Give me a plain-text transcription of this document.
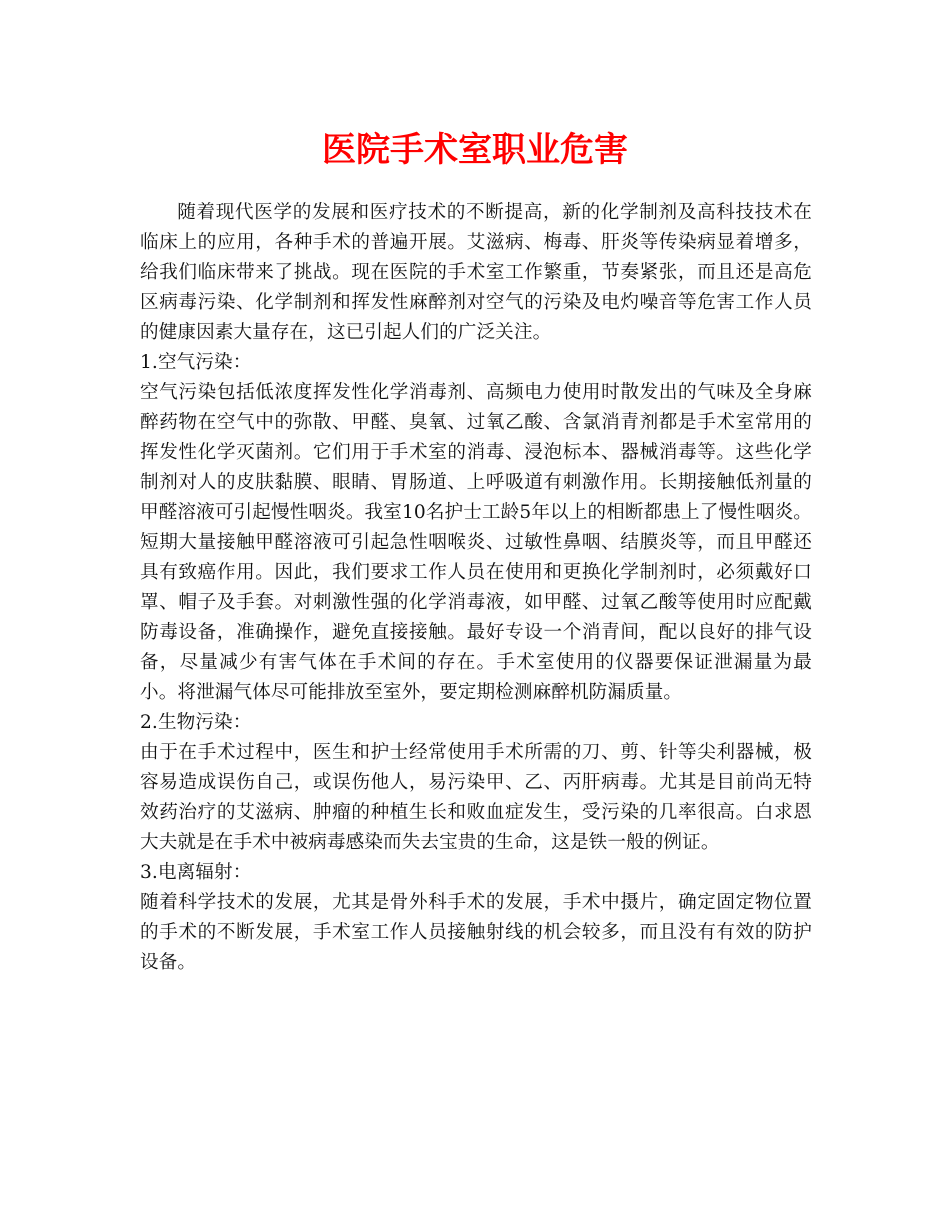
医院手术室职业危害

随着现代医学的发展和医疗技术的不断提高，新的化学制剂及高科技技术在临床上的应用，各种手术的普遍开展。艾滋病、梅毒、肝炎等传染病显着增多，给我们临床带来了挑战。现在医院的手术室工作繁重，节奏紧张，而且还是高危区病毒污染、化学制剂和挥发性麻醉剂对空气的污染及电灼噪音等危害工作人员的健康因素大量存在，这已引起人们的广泛关注。

1.空气污染：

空气污染包括低浓度挥发性化学消毒剂、高频电力使用时散发出的气味及全身麻醉药物在空气中的弥散、甲醛、臭氧、过氧乙酸、含氯消青剂都是手术室常用的挥发性化学灭菌剂。它们用于手术室的消毒、浸泡标本、器械消毒等。这些化学制剂对人的皮肤黏膜、眼睛、胃肠道、上呼吸道有刺激作用。长期接触低剂量的甲醛溶液可引起慢性咽炎。我室10名护士工龄5年以上的相断都患上了慢性咽炎。短期大量接触甲醛溶液可引起急性咽喉炎、过敏性鼻咽、结膜炎等，而且甲醛还具有致癌作用。因此，我们要求工作人员在使用和更换化学制剂时，必须戴好口罩、帽子及手套。对刺激性强的化学消毒液，如甲醛、过氧乙酸等使用时应配戴防毒设备，准确操作，避免直接接触。最好专设一个消青间，配以良好的排气设备，尽量减少有害气体在手术间的存在。手术室使用的仪器要保证泄漏量为最小。将泄漏气体尽可能排放至室外，要定期检测麻醉机防漏质量。

2.生物污染：

由于在手术过程中，医生和护士经常使用手术所需的刀、剪、针等尖利器械，极容易造成误伤自己，或误伤他人，易污染甲、乙、丙肝病毒。尤其是目前尚无特效药治疗的艾滋病、肿瘤的种植生长和败血症发生，受污染的几率很高。白求恩大夫就是在手术中被病毒感染而失去宝贵的生命，这是铁一般的例证。

3.电离辐射：

随着科学技术的发展，尤其是骨外科手术的发展，手术中摄片，确定固定物位置的手术的不断发展，手术室工作人员接触射线的机会较多，而且没有有效的防护设备。
